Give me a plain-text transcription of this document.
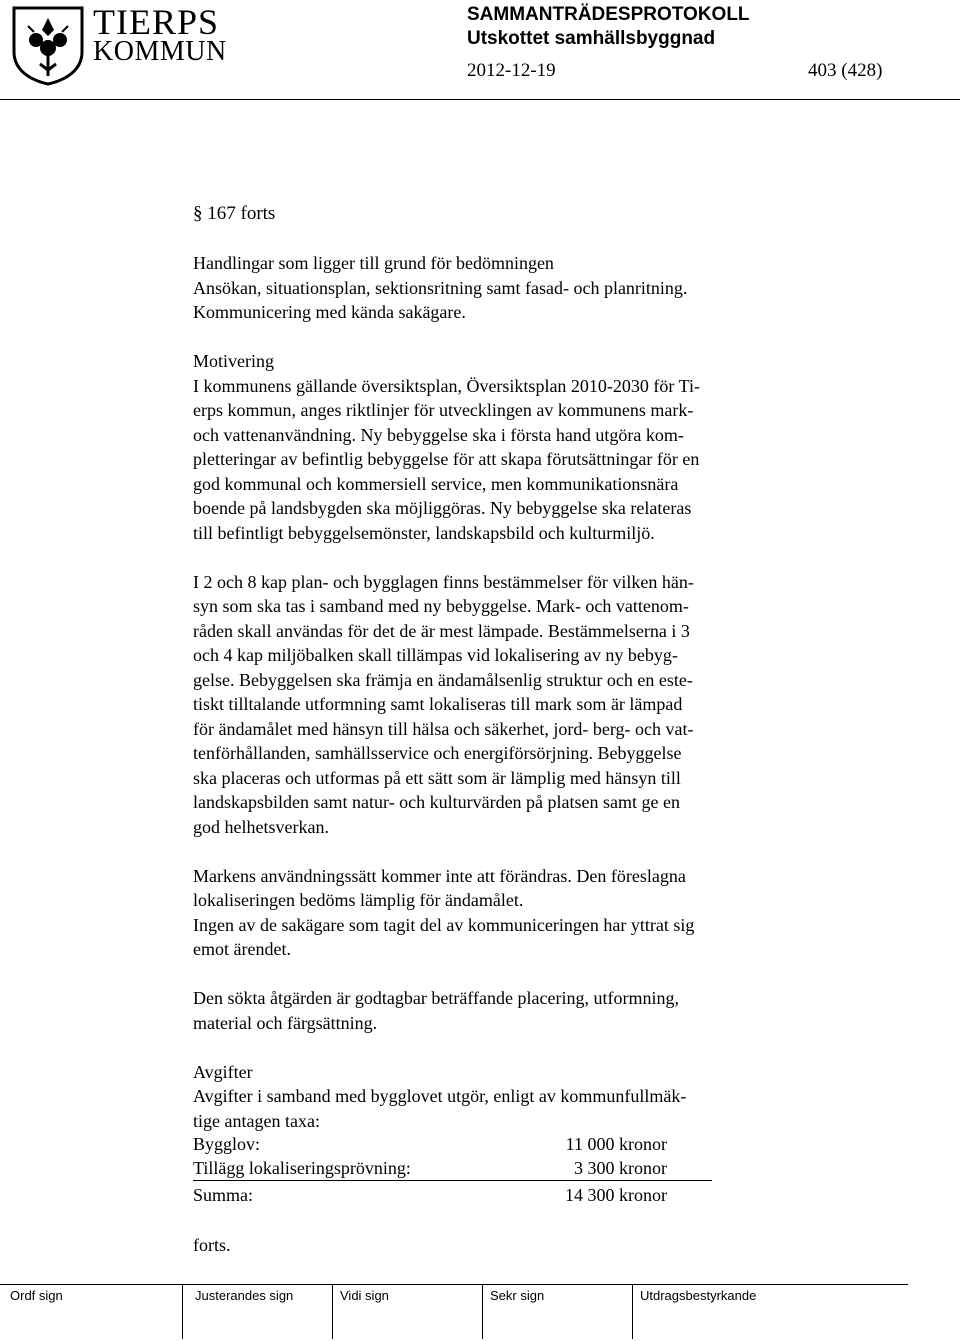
TIERPS
KOMMUN
SAMMANTRÄDESPROTOKOLL
Utskottet samhällsbyggnad
2012-12-19	403 (428)
§ 167 forts
Handlingar som ligger till grund för bedömningen
Ansökan, situationsplan, sektionsritning samt fasad- och planritning.
Kommunicering med kända sakägare.
Motivering
I kommunens gällande översiktsplan, Översiktsplan 2010-2030 för Ti-
erps kommun, anges riktlinjer för utvecklingen av kommunens mark-
och vattenanvändning. Ny bebyggelse ska i första hand utgöra kom-
pletteringar av befintlig bebyggelse för att skapa förutsättningar för en
god kommunal och kommersiell service, men kommunikationsnära
boende på landsbygden ska möjliggöras. Ny bebyggelse ska relateras
till befintligt bebyggelsemönster, landskapsbild och kulturmiljö.
I 2 och 8 kap plan- och bygglagen finns bestämmelser för vilken hän-
syn som ska tas i samband med ny bebyggelse. Mark- och vattenom-
råden skall användas för det de är mest lämpade. Bestämmelserna i 3
och 4 kap miljöbalken skall tillämpas vid lokalisering av ny bebyg-
gelse. Bebyggelsen ska främja en ändamålsenlig struktur och en este-
tiskt tilltalande utformning samt lokaliseras till mark som är lämpad
för ändamålet med hänsyn till hälsa och säkerhet, jord- berg- och vat-
tenförhållanden, samhällsservice och energiförsörjning. Bebyggelse
ska placeras och utformas på ett sätt som är lämplig med hänsyn till
landskapsbilden samt natur- och kulturvärden på platsen samt ge en
god helhetsverkan.
Markens användningssätt kommer inte att förändras. Den föreslagna
lokaliseringen bedöms lämplig för ändamålet.
Ingen av de sakägare som tagit del av kommuniceringen har yttrat sig
emot ärendet.
Den sökta åtgärden är godtagbar beträffande placering, utformning,
material och färgsättning.
Avgifter
Avgifter i samband med bygglovet utgör, enligt av kommunfullmäk-
tige antagen taxa:
Bygglov:	11 000 kronor
Tillägg lokaliseringsprövning:	3 300 kronor
Summa:	14 300 kronor
forts.
Ordf sign	Justerandes sign	Vidi sign	Sekr sign	Utdragsbestyrkande
